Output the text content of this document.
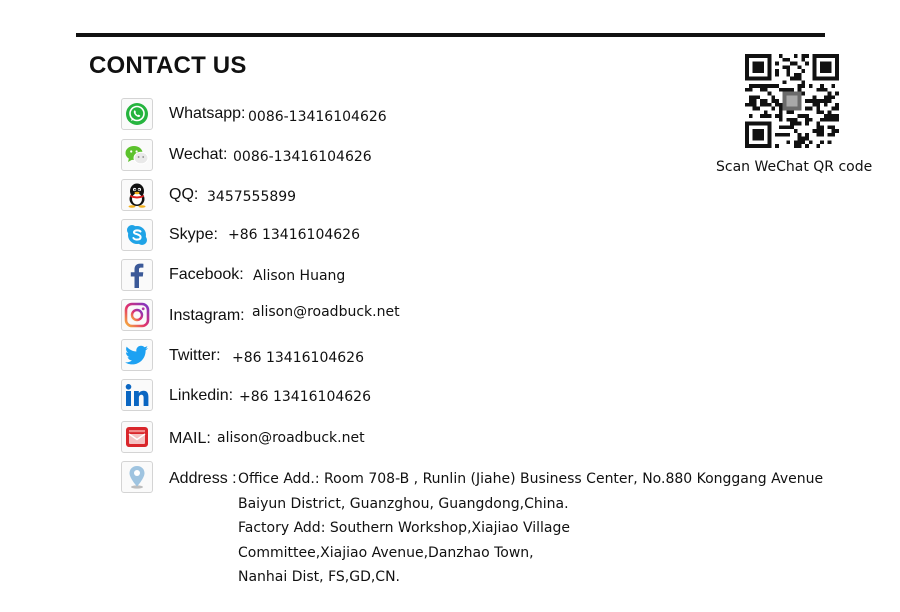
CONTACT US
Whatsapp: 0086-13416104626
Wechat: 0086-13416104626
QQ: 3457555899
Skype: +86 13416104626
Facebook: Alison Huang
Instagram: alison@roadbuck.net
Twitter: +86 13416104626
Linkedin: +86 13416104626
MAIL: alison@roadbuck.net
Address : Office Add.: Room 708-B , Runlin (Jiahe) Business Center, No.880 Konggang Avenue
Baiyun District, Guanzghou, Guangdong,China.
Factory Add: Southern Workshop,Xiajiao Village
Committee,Xiajiao Avenue,Danzhao Town,
Nanhai Dist, FS,GD,CN.
Scan WeChat QR code
